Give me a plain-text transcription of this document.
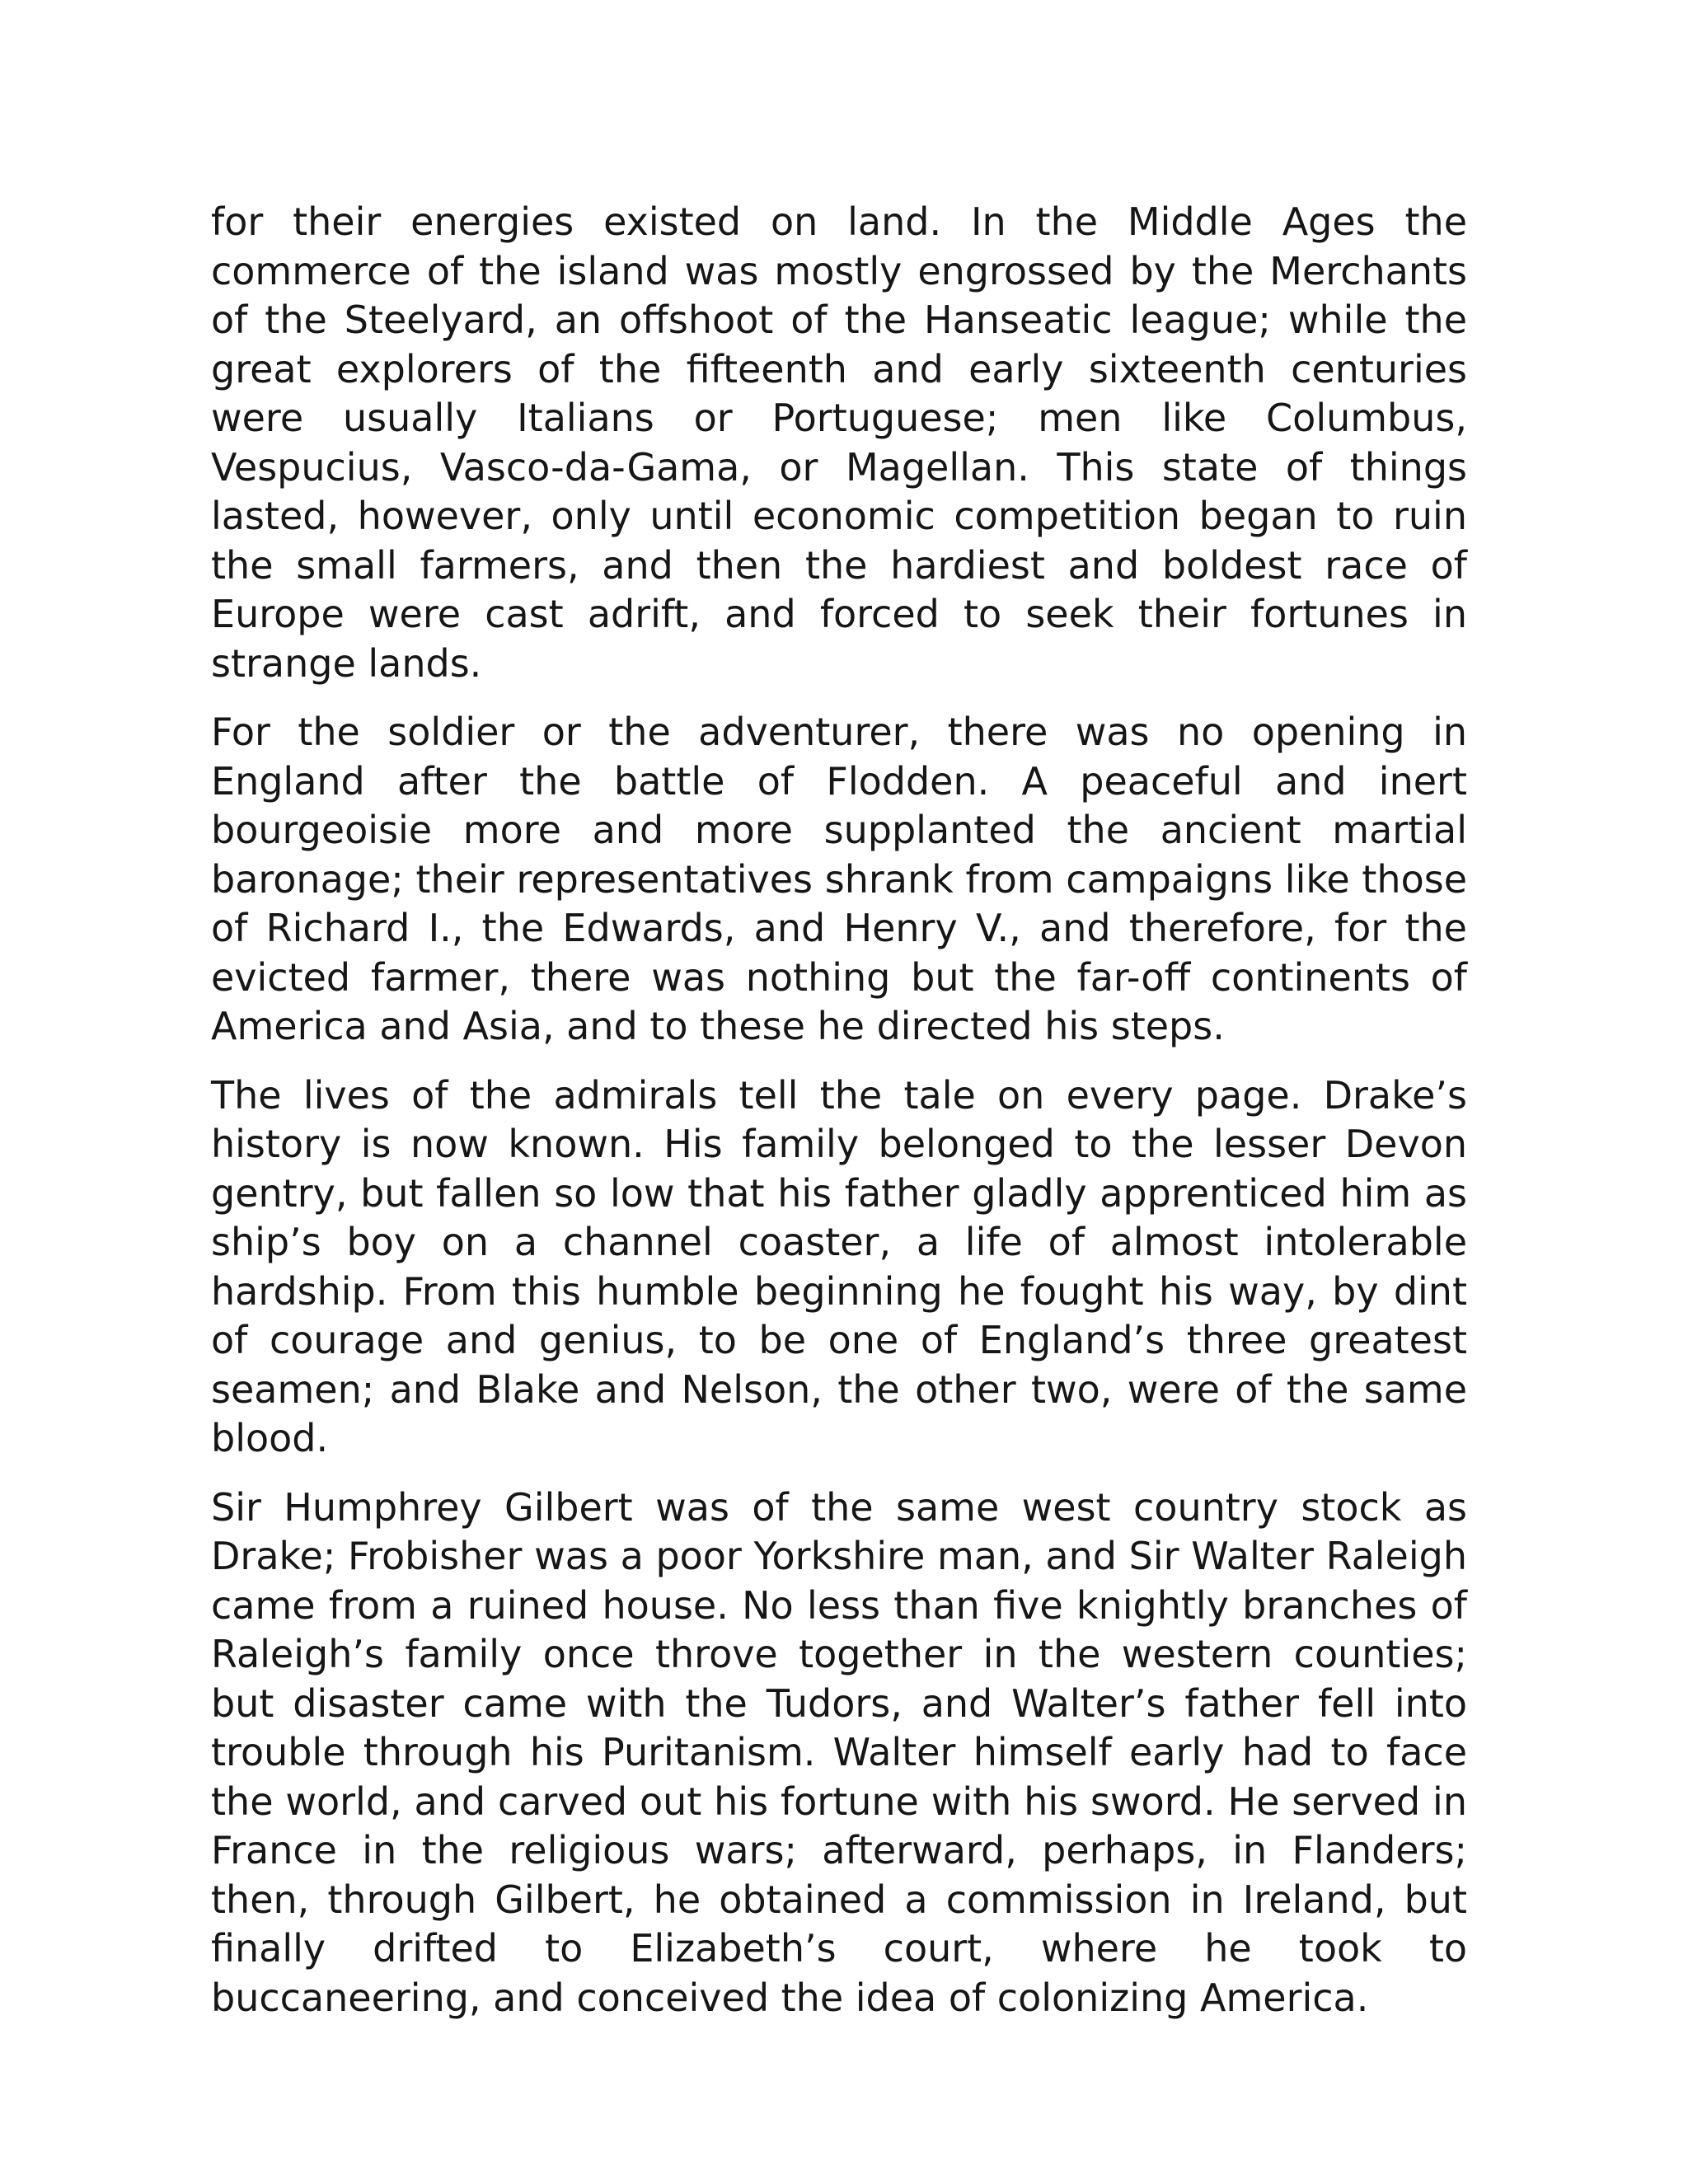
for their energies existed on land. In the Middle Ages the commerce of the island was mostly engrossed by the Merchants of the Steelyard, an offshoot of the Hanseatic league; while the great explorers of the fifteenth and early sixteenth centuries were usually Italians or Portuguese; men like Columbus, Vespucius, Vasco-da-Gama, or Magellan. This state of things lasted, however, only until economic competition began to ruin the small farmers, and then the hardiest and boldest race of Europe were cast adrift, and forced to seek their fortunes in strange lands.

For the soldier or the adventurer, there was no opening in England after the battle of Flodden. A peaceful and inert bourgeoisie more and more supplanted the ancient martial baronage; their representatives shrank from campaigns like those of Richard I., the Edwards, and Henry V., and therefore, for the evicted farmer, there was nothing but the far-off continents of America and Asia, and to these he directed his steps.

The lives of the admirals tell the tale on every page. Drake’s history is now known. His family belonged to the lesser Devon gentry, but fallen so low that his father gladly apprenticed him as ship’s boy on a channel coaster, a life of almost intolerable hardship. From this humble beginning he fought his way, by dint of courage and genius, to be one of England’s three greatest seamen; and Blake and Nelson, the other two, were of the same blood.

Sir Humphrey Gilbert was of the same west country stock as Drake; Frobisher was a poor Yorkshire man, and Sir Walter Raleigh came from a ruined house. No less than five knightly branches of Raleigh’s family once throve together in the western counties; but disaster came with the Tudors, and Walter’s father fell into trouble through his Puritanism. Walter himself early had to face the world, and carved out his fortune with his sword. He served in France in the religious wars; afterward, perhaps, in Flanders; then, through Gilbert, he obtained a commission in Ireland, but finally drifted to Elizabeth’s court, where he took to buccaneering, and conceived the idea of colonizing America.
